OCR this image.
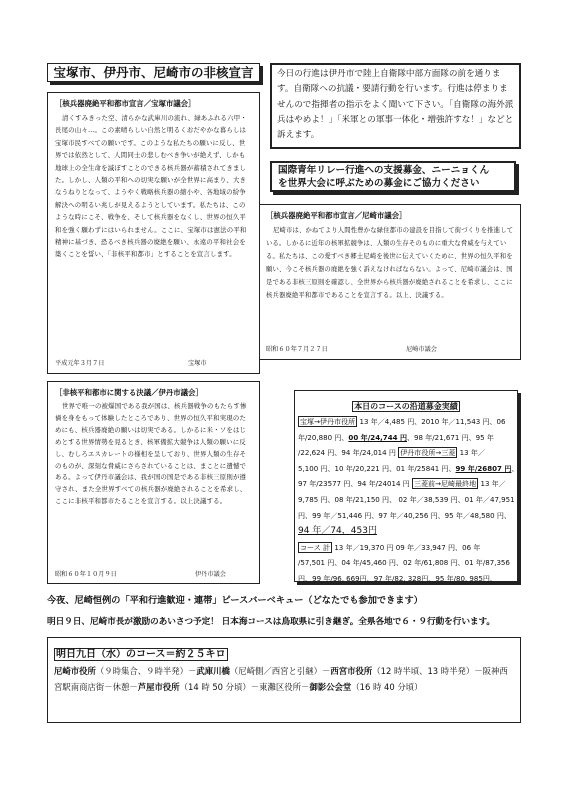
宝塚市、伊丹市、尼崎市の非核宣言
［核兵器廃絶平和都市宣言／宝塚市議会］
清くすみきった空、清らかな武庫川の流れ、緑あふれる六甲・長尾の山々…。この素晴らしい自然と明るくおだやかな暮らしは宝塚市民すべての願いです。このような私たちの願いに反し、世界では依然として、人間同士の悲しむべき争いが絶えず、しかも地球上の全生命を滅ぼすことのできる核兵器が蓄積されてきました。しかし、人類の平和への切実な願いが全世界に高まり、大きなうねりとなって、ようやく戦略核兵器の縮小や、各地域の紛争解決への明るい兆しが見えるようとしています。私たちは、このような時にこそ、戦争を、そして核兵器をなくし、世界の恒久平和を強く願わずにはいられません。ここに、宝塚市は憲法の平和精神に基づき、恐るべき核兵器の廃絶を願い、永遠の平和社会を築くことを誓い、「非核平和都市」とすることを宣言します。
平成元年３月７日	宝塚市
今日の行進は伊丹市で陸上自衛隊中部方面隊の前を通ります。自衛隊への抗議・要請行動を行います。行進は停まりませんので指揮者の指示をよく聞いて下さい。「自衛隊の海外派兵はやめよ！」「米軍との軍事一体化・増強許すな！」などと訴えます。
国際青年リレー行進への支援募金、ニーニョくん
を世界大会に呼ぶための募金にご協力ください
［核兵器廃絶平和都市宣言／尼崎市議会］
尼崎市は、かねてより人間性豊かな緑住都市の建設を目指して街づくりを推進している。しかるに近年の核軍拡競争は、人類の生存そのものに重大な脅威を与えている。私たちは、この愛すべき郷土尼崎を後世に伝えていくために、世界の恒久平和を願い、今こそ核兵器の廃絶を強く訴えなければならない。よって、尼崎市議会は、国是である非核三原則を確認し、全世界から核兵器が廃絶されることを希求し、ここに核兵器廃絶平和都市であることを宣言する。以上、決議する。
昭和６０年７月２７日	尼崎市議会
［非核平和都市に関する決議／伊丹市議会］
世界で唯一の被爆国である我が国は、核兵器戦争のもたらす惨禍を身をもって体験したところであり、世界の恒久平和実現のためにも、核兵器廃絶の願いは切実である。しかるに米・ソをはじめとする世界情勢を見るとき、核軍備拡大競争は人類の願いに反し、むしろエスカレートの様相を呈しており、世界人類の生存そのものが、深刻な脅威にさらされていることは、まことに遺憾である。よって伊丹市議会は、我が国の国是である非核三原則が遵守され、また全世界すべての核兵器が廃絶されることを希求し、ここに非核平和都市たることを宣言する。以上決議する。
昭和６０年１０月９日	伊丹市議会
本日のコースの沿道募金実績
宝塚→伊丹市役所 13 年／4,485 円、2010 年／11,543 円、06
年/20,880 円、00 年/24,744 円、98 年/21,671 円、95 年
/22,624 円、94 年/24,014 円 伊丹市役所→三菱 13 年／
5,100 円、10 年/20,221 円、01 年/25841 円、99 年/26807 円、
97 年/23577 円、94 年/24014 円 三菱前→尼崎最終地 13 年／
9,785 円、08 年/21,150 円、 02 年／38,539 円、01 年／47,951
円、99 年／51,446 円、97 年／40,256 円、95 年／48,580 円、
94 年／74，453円
コース 計 13 年／19,370 円 09 年／33,947 円、06 年
/57,501 円、04 年/45,460 円、02 年/61,808 円、01 年/87,356
円、99 年/96, 669円、97 年/82, 328円、95 年/80, 985円、
今夜、尼崎恒例の「平和行進歓迎・連帯」ピースバーベキュー（どなたでも参加できます）
明日９日、尼崎市長が激励のあいさつ予定！ 日本海コースは鳥取県に引き継ぎ。全県各地で６・９行動を行います。
明日九日（水）のコース＝約２５キロ
尼崎市役所（９時集合、９時半発）－武庫川橋（尼崎側／西宮と引継）－西宮市役所（12 時半頃、13 時半発）－阪神西宮駅南商店街－休憩－芦屋市役所（14 時 50 分頃）－東灘区役所－御影公会堂（16 時 40 分頃）
